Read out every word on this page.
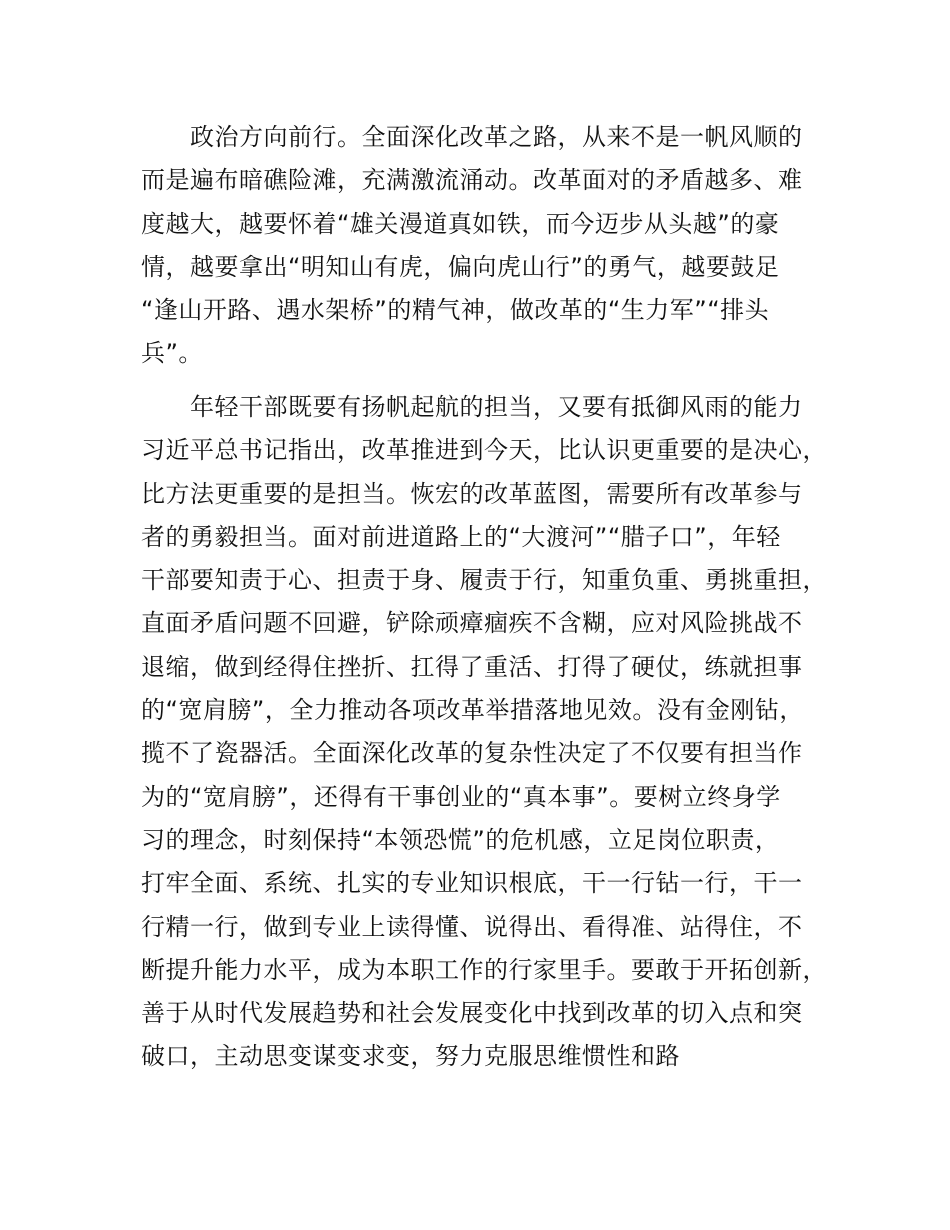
政治方向前行。全面深化改革之路，从来不是一帆风顺的
而是遍布暗礁险滩，充满激流涌动。改革面对的矛盾越多、难
度越大，越要怀着“雄关漫道真如铁，而今迈步从头越”的豪
情，越要拿出“明知山有虎，偏向虎山行”的勇气，越要鼓足
“逢山开路、遇水架桥”的精气神，做改革的“生力军”“排头
兵”。
年轻干部既要有扬帆起航的担当，又要有抵御风雨的能力
习近平总书记指出，改革推进到今天，比认识更重要的是决心，
比方法更重要的是担当。恢宏的改革蓝图，需要所有改革参与
者的勇毅担当。面对前进道路上的“大渡河”“腊子口”，年轻
干部要知责于心、担责于身、履责于行，知重负重、勇挑重担，
直面矛盾问题不回避，铲除顽瘴痼疾不含糊，应对风险挑战不
退缩，做到经得住挫折、扛得了重活、打得了硬仗，练就担事
的“宽肩膀”，全力推动各项改革举措落地见效。没有金刚钻，
揽不了瓷器活。全面深化改革的复杂性决定了不仅要有担当作
为的“宽肩膀”，还得有干事创业的“真本事”。要树立终身学
习的理念，时刻保持“本领恐慌”的危机感，立足岗位职责，
打牢全面、系统、扎实的专业知识根底，干一行钻一行，干一
行精一行，做到专业上读得懂、说得出、看得准、站得住，不
断提升能力水平，成为本职工作的行家里手。要敢于开拓创新，
善于从时代发展趋势和社会发展变化中找到改革的切入点和突
破口，主动思变谋变求变，努力克服思维惯性和路
